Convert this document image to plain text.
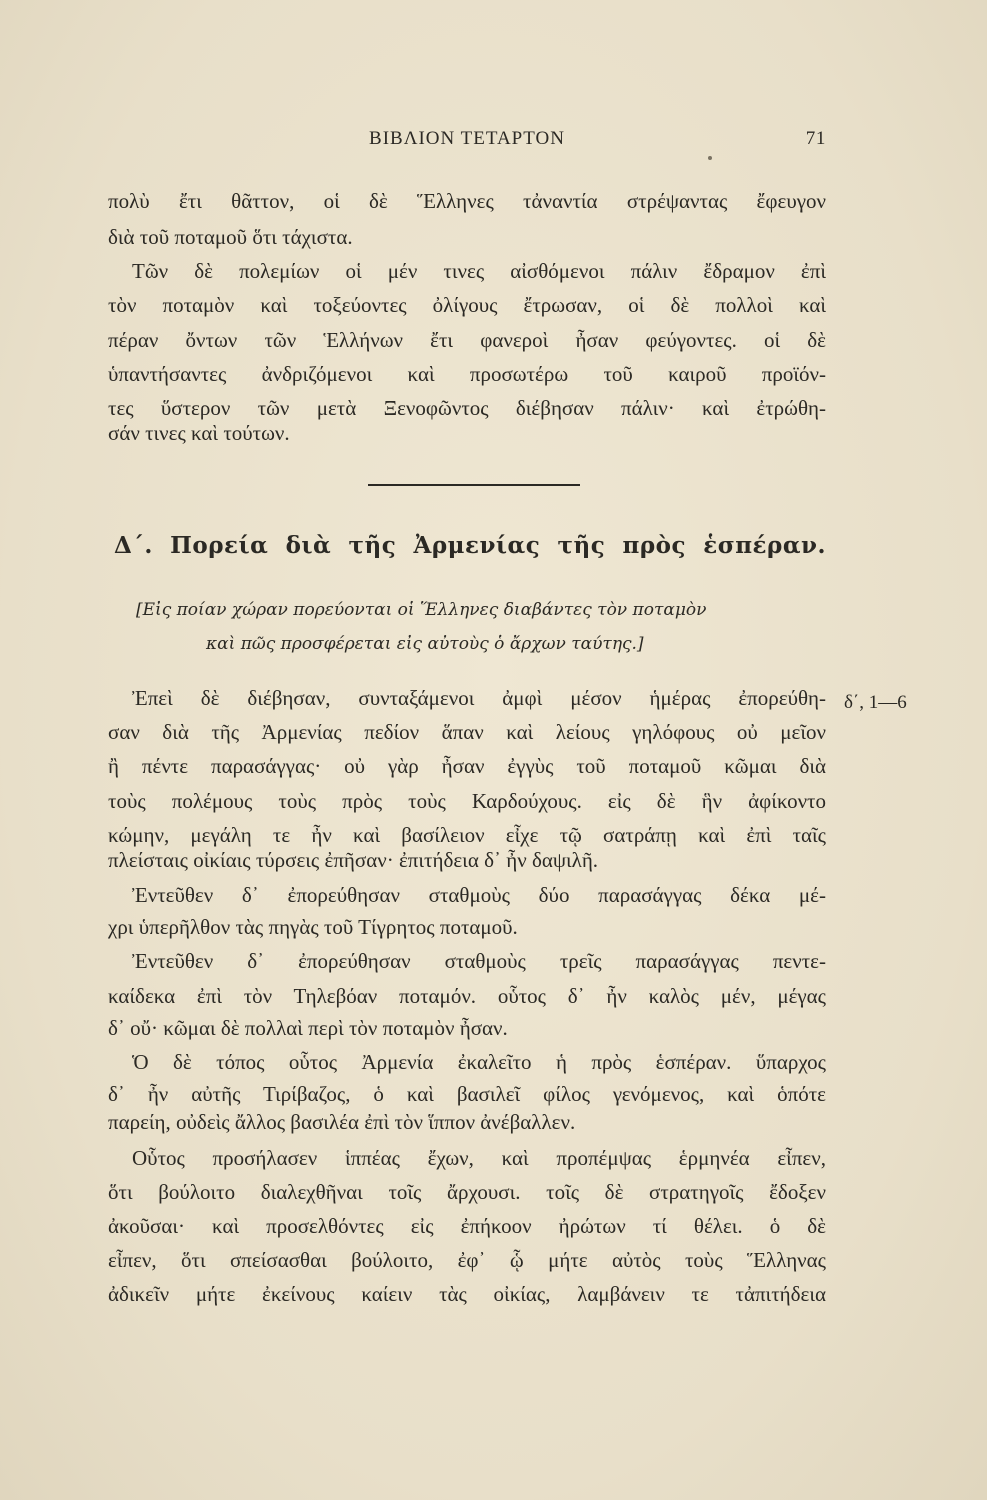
ΒΙΒΛΙΟΝ ΤΕΤΑΡΤΟΝ	71
πολὺ ἔτι θᾶττον, οἱ δὲ Ἕλληνες τἀναντία στρέψαντας ἔφευγον
διὰ τοῦ ποταμοῦ ὅτι τάχιστα.
Τῶν δὲ πολεμίων οἱ μέν τινες αἰσθόμενοι πάλιν ἔδραμον ἐπὶ
τὸν ποταμὸν καὶ τοξεύοντες ὀλίγους ἔτρωσαν, οἱ δὲ πολλοὶ καὶ
πέραν ὄντων τῶν Ἑλλήνων ἔτι φανεροὶ ἦσαν φεύγοντες. οἱ δὲ
ὑπαντήσαντες ἀνδριζόμενοι καὶ προσωτέρω τοῦ καιροῦ προϊόν-
τες ὕστερον τῶν μετὰ Ξενοφῶντος διέβησαν πάλιν· καὶ ἐτρώθη-
σάν τινες καὶ τούτων.
Δ΄. Πορεία διὰ τῆς Ἀρμενίας τῆς πρὸς ἑσπέραν.
[Εἰς ποίαν χώραν πορεύονται οἱ Ἕλληνες διαβάντες τὸν ποταμὸν
καὶ πῶς προσφέρεται εἰς αὐτοὺς ὁ ἄρχων ταύτης.]
δ΄, 1—6
Ἐπεὶ δὲ διέβησαν, συνταξάμενοι ἀμφὶ μέσον ἡμέρας ἐπορεύθη-
σαν διὰ τῆς Ἀρμενίας πεδίον ἅπαν καὶ λείους γηλόφους οὐ μεῖον
ἢ πέντε παρασάγγας· οὐ γὰρ ἦσαν ἐγγὺς τοῦ ποταμοῦ κῶμαι διὰ
τοὺς πολέμους τοὺς πρὸς τοὺς Καρδούχους. εἰς δὲ ἣν ἀφίκοντο
κώμην, μεγάλη τε ἦν καὶ βασίλειον εἶχε τῷ σατράπῃ καὶ ἐπὶ ταῖς
πλείσταις οἰκίαις τύρσεις ἐπῆσαν· ἐπιτήδεια δ᾽ ἦν δαψιλῆ.
Ἐντεῦθεν δ᾽ ἐπορεύθησαν σταθμοὺς δύο παρασάγγας δέκα μέ-
χρι ὑπερῆλθον τὰς πηγὰς τοῦ Τίγρητος ποταμοῦ.
Ἐντεῦθεν δ᾽ ἐπορεύθησαν σταθμοὺς τρεῖς παρασάγγας πεντε-
καίδεκα ἐπὶ τὸν Τηλεβόαν ποταμόν. οὗτος δ᾽ ἦν καλὸς μέν, μέγας
δ᾽ οὔ· κῶμαι δὲ πολλαὶ περὶ τὸν ποταμὸν ἦσαν.
Ὁ δὲ τόπος οὗτος Ἀρμενία ἐκαλεῖτο ἡ πρὸς ἑσπέραν. ὕπαρχος
δ᾽ ἦν αὐτῆς Τιρίβαζος, ὁ καὶ βασιλεῖ φίλος γενόμενος, καὶ ὁπότε
παρείη, οὐδεὶς ἄλλος βασιλέα ἐπὶ τὸν ἵππον ἀνέβαλλεν.
Οὗτος προσήλασεν ἱππέας ἔχων, καὶ προπέμψας ἑρμηνέα εἶπεν,
ὅτι βούλοιτο διαλεχθῆναι τοῖς ἄρχουσι. τοῖς δὲ στρατηγοῖς ἔδοξεν
ἀκοῦσαι· καὶ προσελθόντες εἰς ἐπήκοον ἠρώτων τί θέλει. ὁ δὲ
εἶπεν, ὅτι σπείσασθαι βούλοιτο, ἐφ᾽ ᾧ μήτε αὐτὸς τοὺς Ἕλληνας
ἀδικεῖν μήτε ἐκείνους καίειν τὰς οἰκίας, λαμβάνειν τε τἀπιτήδεια
